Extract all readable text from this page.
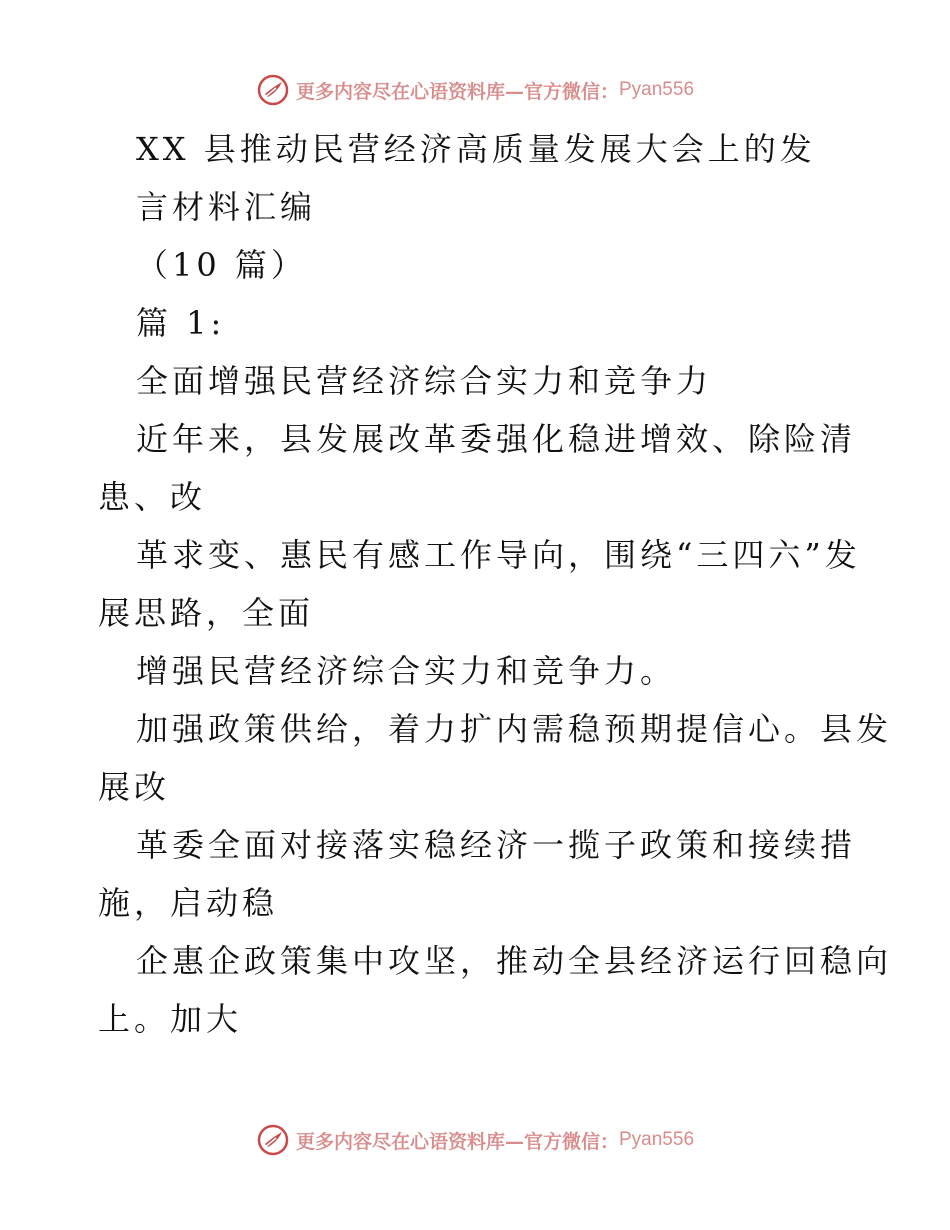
更多内容尽在心语资料库—官方微信： Pyan556
XX 县推动民营经济高质量发展大会上的发
言材料汇编
（10 篇）
篇 1:
全面增强民营经济综合实力和竞争力
近年来，县发展改革委强化稳进增效、除险清
患、改
革求变、惠民有感工作导向，围绕“三四六”发
展思路，全面
增强民营经济综合实力和竞争力。
加强政策供给，着力扩内需稳预期提信心。县发
展改
革委全面对接落实稳经济一揽子政策和接续措
施，启动稳
企惠企政策集中攻坚，推动全县经济运行回稳向
上。加大
更多内容尽在心语资料库—官方微信： Pyan556
